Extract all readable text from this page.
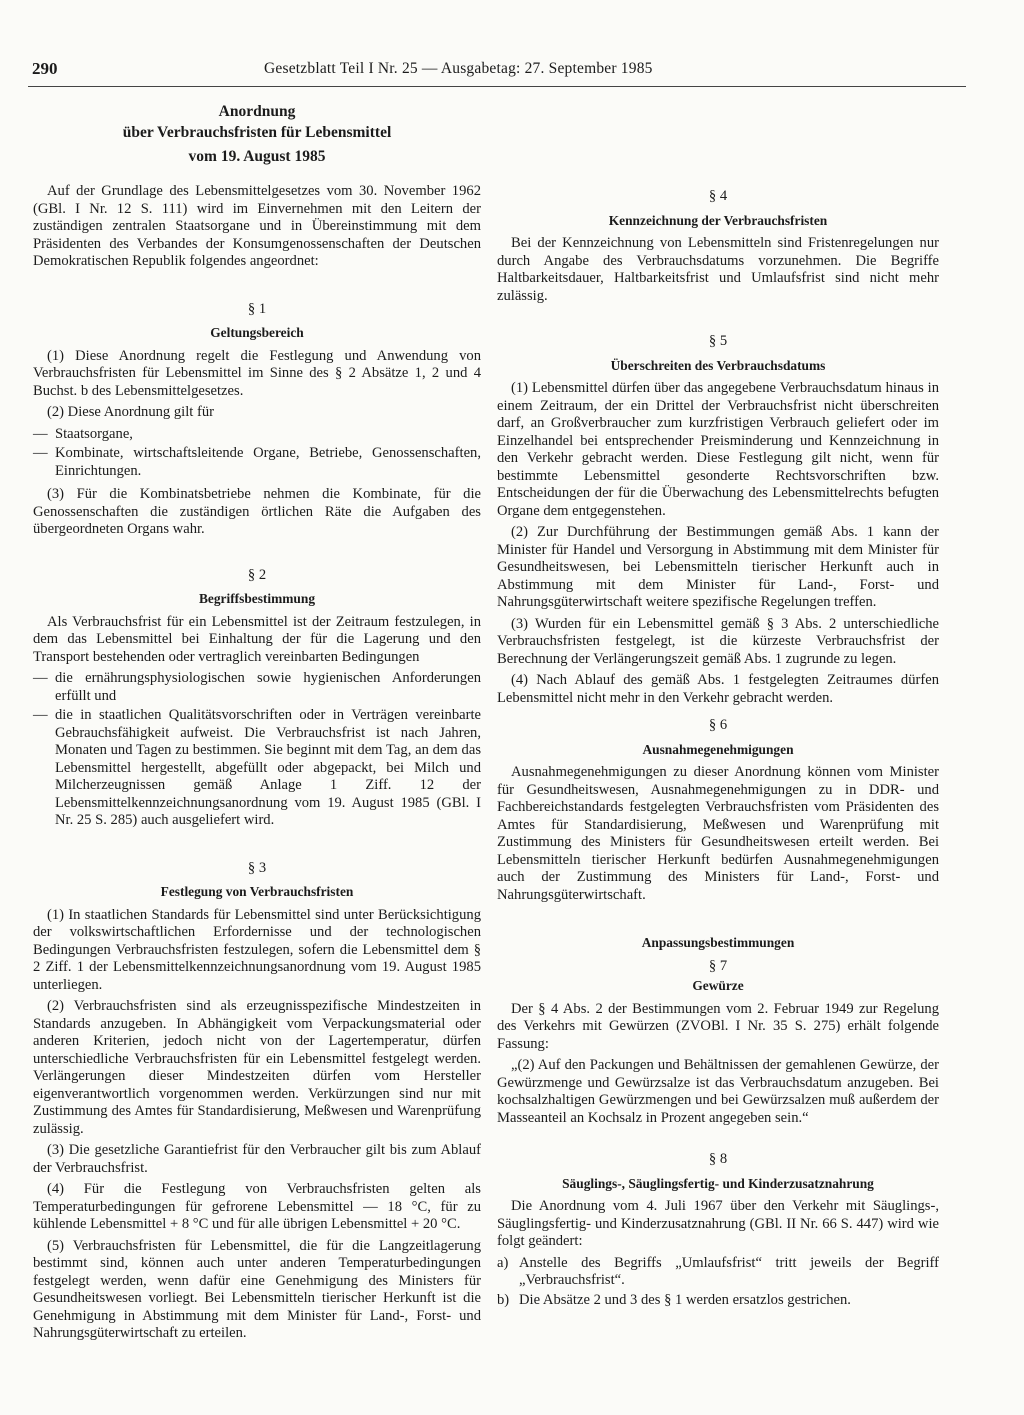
290	Gesetzblatt Teil I Nr. 25 — Ausgabetag: 27. September 1985
Anordnung
über Verbrauchsfristen für Lebensmittel
vom 19. August 1985

Auf der Grundlage des Lebensmittelgesetzes vom 30. November 1962 (GBl. I Nr. 12 S. 111) wird im Einvernehmen mit den Leitern der zuständigen zentralen Staatsorgane und in Übereinstimmung mit dem Präsidenten des Verbandes der Konsumgenossenschaften der Deutschen Demokratischen Republik folgendes angeordnet:

§ 1
Geltungsbereich

(1) Diese Anordnung regelt die Festlegung und Anwendung von Verbrauchsfristen für Lebensmittel im Sinne des § 2 Absätze 1, 2 und 4 Buchst. b des Lebensmittelgesetzes.

(2) Diese Anordnung gilt für

— Staatsorgane,

— Kombinate, wirtschaftsleitende Organe, Betriebe, Genossenschaften, Einrichtungen.

(3) Für die Kombinatsbetriebe nehmen die Kombinate, für die Genossenschaften die zuständigen örtlichen Räte die Aufgaben des übergeordneten Organs wahr.

§ 2
Begriffsbestimmung

Als Verbrauchsfrist für ein Lebensmittel ist der Zeitraum festzulegen, in dem das Lebensmittel bei Einhaltung der für die Lagerung und den Transport bestehenden oder vertraglich vereinbarten Bedingungen

— die ernährungsphysiologischen sowie hygienischen Anforderungen erfüllt und

— die in staatlichen Qualitätsvorschriften oder in Verträgen vereinbarte Gebrauchsfähigkeit aufweist. Die Verbrauchsfrist ist nach Jahren, Monaten und Tagen zu bestimmen. Sie beginnt mit dem Tag, an dem das Lebensmittel hergestellt, abgefüllt oder abgepackt, bei Milch und Milcherzeugnissen gemäß Anlage 1 Ziff. 12 der Lebensmittelkennzeichnungsanordnung vom 19. August 1985 (GBl. I Nr. 25 S. 285) auch ausgeliefert wird.

§ 3
Festlegung von Verbrauchsfristen

(1) In staatlichen Standards für Lebensmittel sind unter Berücksichtigung der volkswirtschaftlichen Erfordernisse und der technologischen Bedingungen Verbrauchsfristen festzulegen, sofern die Lebensmittel dem § 2 Ziff. 1 der Lebensmittelkennzeichnungsanordnung vom 19. August 1985 unterliegen.

(2) Verbrauchsfristen sind als erzeugnisspezifische Mindestzeiten in Standards anzugeben. In Abhängigkeit vom Verpackungsmaterial oder anderen Kriterien, jedoch nicht von der Lagertemperatur, dürfen unterschiedliche Verbrauchsfristen für ein Lebensmittel festgelegt werden. Verlängerungen dieser Mindestzeiten dürfen vom Hersteller eigenverantwortlich vorgenommen werden. Verkürzungen sind nur mit Zustimmung des Amtes für Standardisierung, Meßwesen und Warenprüfung zulässig.

(3) Die gesetzliche Garantiefrist für den Verbraucher gilt bis zum Ablauf der Verbrauchsfrist.

(4) Für die Festlegung von Verbrauchsfristen gelten als Temperaturbedingungen für gefrorene Lebensmittel — 18 °C, für zu kühlende Lebensmittel + 8 °C und für alle übrigen Lebensmittel + 20 °C.

(5) Verbrauchsfristen für Lebensmittel, die für die Langzeitlagerung bestimmt sind, können auch unter anderen Temperaturbedingungen festgelegt werden, wenn dafür eine Genehmigung des Ministers für Gesundheitswesen vorliegt. Bei Lebensmitteln tierischer Herkunft ist die Genehmigung in Abstimmung mit dem Minister für Land-, Forst- und Nahrungsgüterwirtschaft zu erteilen.

§ 4
Kennzeichnung der Verbrauchsfristen

Bei der Kennzeichnung von Lebensmitteln sind Fristenregelungen nur durch Angabe des Verbrauchsdatums vorzunehmen. Die Begriffe Haltbarkeitsdauer, Haltbarkeitsfrist und Umlaufsfrist sind nicht mehr zulässig.

§ 5
Überschreiten des Verbrauchsdatums

(1) Lebensmittel dürfen über das angegebene Verbrauchsdatum hinaus in einem Zeitraum, der ein Drittel der Verbrauchsfrist nicht überschreiten darf, an Großverbraucher zum kurzfristigen Verbrauch geliefert oder im Einzelhandel bei entsprechender Preisminderung und Kennzeichnung in den Verkehr gebracht werden. Diese Festlegung gilt nicht, wenn für bestimmte Lebensmittel gesonderte Rechtsvorschriften bzw. Entscheidungen der für die Überwachung des Lebensmittelrechts befugten Organe dem entgegenstehen.

(2) Zur Durchführung der Bestimmungen gemäß Abs. 1 kann der Minister für Handel und Versorgung in Abstimmung mit dem Minister für Gesundheitswesen, bei Lebensmitteln tierischer Herkunft auch in Abstimmung mit dem Minister für Land-, Forst- und Nahrungsgüterwirtschaft weitere spezifische Regelungen treffen.

(3) Wurden für ein Lebensmittel gemäß § 3 Abs. 2 unterschiedliche Verbrauchsfristen festgelegt, ist die kürzeste Verbrauchsfrist der Berechnung der Verlängerungszeit gemäß Abs. 1 zugrunde zu legen.

(4) Nach Ablauf des gemäß Abs. 1 festgelegten Zeitraumes dürfen Lebensmittel nicht mehr in den Verkehr gebracht werden.

§ 6
Ausnahmegenehmigungen

Ausnahmegenehmigungen zu dieser Anordnung können vom Minister für Gesundheitswesen, Ausnahmegenehmigungen zu in DDR- und Fachbereichstandards festgelegten Verbrauchsfristen vom Präsidenten des Amtes für Standardisierung, Meßwesen und Warenprüfung mit Zustimmung des Ministers für Gesundheitswesen erteilt werden. Bei Lebensmitteln tierischer Herkunft bedürfen Ausnahmegenehmigungen auch der Zustimmung des Ministers für Land-, Forst- und Nahrungsgüterwirtschaft.

Anpassungsbestimmungen
§ 7
Gewürze

Der § 4 Abs. 2 der Bestimmungen vom 2. Februar 1949 zur Regelung des Verkehrs mit Gewürzen (ZVOBl. I Nr. 35 S. 275) erhält folgende Fassung:

„(2) Auf den Packungen und Behältnissen der gemahlenen Gewürze, der Gewürzmenge und Gewürzsalze ist das Verbrauchsdatum anzugeben. Bei kochsalzhaltigen Gewürzmengen und bei Gewürzsalzen muß außerdem der Masseanteil an Kochsalz in Prozent angegeben sein.“

§ 8
Säuglings-, Säuglingsfertig- und Kinderzusatznahrung

Die Anordnung vom 4. Juli 1967 über den Verkehr mit Säuglings-, Säuglingsfertig- und Kinderzusatznahrung (GBl. II Nr. 66 S. 447) wird wie folgt geändert:

a) Anstelle des Begriffs „Umlaufsfrist“ tritt jeweils der Begriff „Verbrauchsfrist“.

b) Die Absätze 2 und 3 des § 1 werden ersatzlos gestrichen.
